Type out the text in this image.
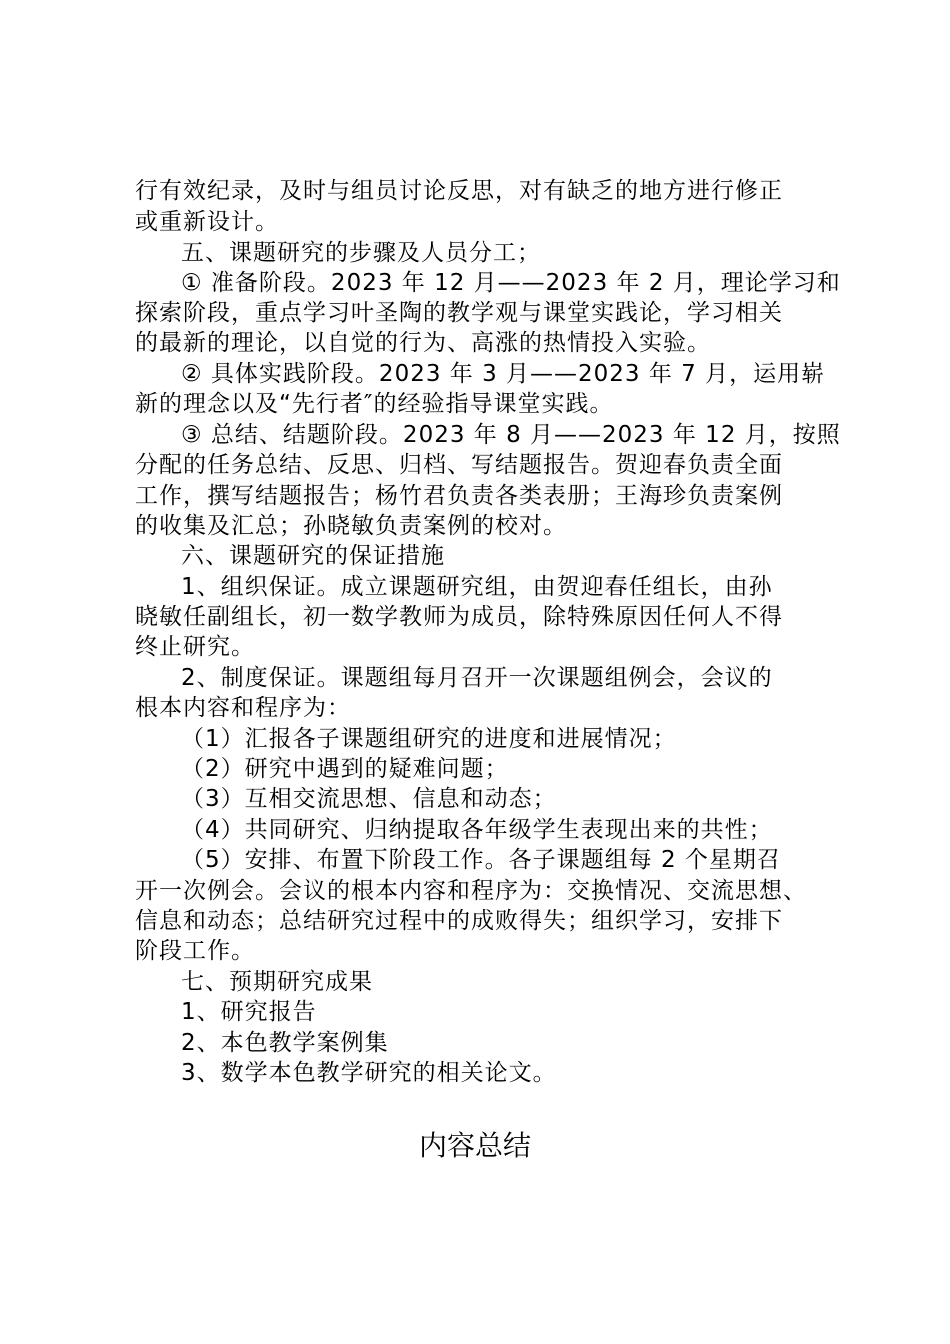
行有效纪录，及时与组员讨论反思，对有缺乏的地方进行修正
或重新设计。
五、课题研究的步骤及人员分工；
① 准备阶段。2023 年 12 月——2023 年 2 月，理论学习和
探索阶段，重点学习叶圣陶的教学观与课堂实践论，学习相关
的最新的理论，以自觉的行为、高涨的热情投入实验。
② 具体实践阶段。2023 年 3 月——2023 年 7 月，运用崭
新的理念以及“先行者″的经验指导课堂实践。
③ 总结、结题阶段。2023 年 8 月——2023 年 12 月，按照
分配的任务总结、反思、归档、写结题报告。贺迎春负责全面
工作，撰写结题报告；杨竹君负责各类表册；王海珍负责案例
的收集及汇总；孙晓敏负责案例的校对。
六、课题研究的保证措施
1、组织保证。成立课题研究组，由贺迎春任组长，由孙
晓敏任副组长，初一数学教师为成员，除特殊原因任何人不得
终止研究。
2、制度保证。课题组每月召开一次课题组例会，会议的
根本内容和程序为：
（1）汇报各子课题组研究的进度和进展情况；
（2）研究中遇到的疑难问题；
（3）互相交流思想、信息和动态；
（4）共同研究、归纳提取各年级学生表现出来的共性；
（5）安排、布置下阶段工作。各子课题组每 2 个星期召
开一次例会。会议的根本内容和程序为：交换情况、交流思想、
信息和动态；总结研究过程中的成败得失；组织学习，安排下
阶段工作。
七、预期研究成果
1、研究报告
2、本色教学案例集
3、数学本色教学研究的相关论文。
内容总结
